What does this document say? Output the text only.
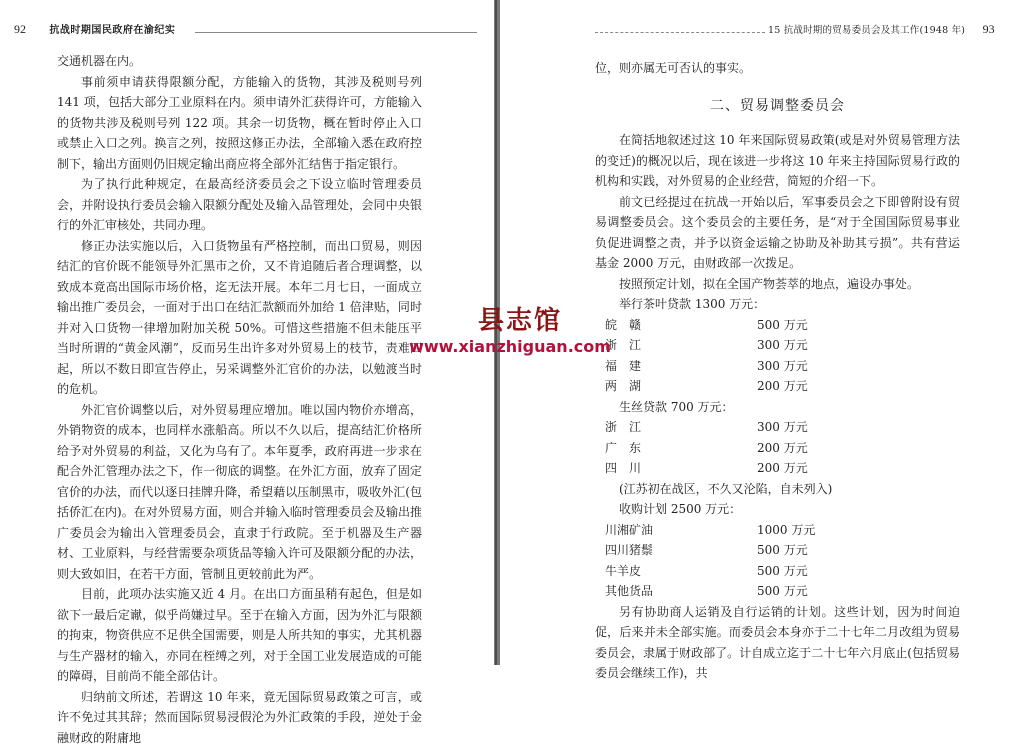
92 抗战时期国民政府在渝纪实

交通机器在内。

事前须申请获得限额分配，方能输入的货物，其涉及税则号列 141 项，包括大部分工业原料在内。须申请外汇获得许可，方能输入的货物共涉及税则号列 122 项。其余一切货物，概在暂时停止入口或禁止入口之列。换言之列，按照这修正办法，全部输入悉在政府控制下，输出方面则仍旧规定输出商应将全部外汇结售于指定银行。

为了执行此种规定，在最高经济委员会之下设立临时管理委员会，并附设执行委员会输入限额分配处及输入品管理处，会同中央银行的外汇审核处，共同办理。

修正办法实施以后，入口货物虽有严格控制，而出口贸易，则因结汇的官价既不能领导外汇黑市之价，又不肯追随后者合理调整，以致成本竟高出国际市场价格，迄无法开展。本年二月七日，一面成立输出推广委员会，一面对于出口在结汇款额而外加给 1 倍津贴，同时并对入口货物一律增加附加关税 50%。可惜这些措施不但未能压平当时所谓的“黄金风潮”，反而另生出许多对外贸易上的枝节，责难四起，所以不数日即宣告停止，另采调整外汇官价的办法，以勉渡当时的危机。

外汇官价调整以后，对外贸易理应增加。唯以国内物价亦增高，外销物资的成本，也同样水涨船高。所以不久以后，提高结汇价格所给予对外贸易的利益，又化为乌有了。本年夏季，政府再进一步求在配合外汇管理办法之下，作一彻底的调整。在外汇方面，放弃了固定官价的办法，而代以逐日挂牌升降，希望藉以压制黑市，吸收外汇(包括侨汇在内)。在对外贸易方面，则合并输入临时管理委员会及输出推广委员会为输出入管理委员会，直隶于行政院。至于机器及生产器材、工业原料，与经营需要杂项货品等输入许可及限额分配的办法，则大致如旧，在若干方面，管制且更较前此为严。

目前，此项办法实施又近 4 月。在出口方面虽稍有起色，但是如欲下一最后定谳，似乎尚嫌过早。至于在输入方面，因为外汇与限额的拘束，物资供应不足供全国需要，则是人所共知的事实，尤其机器与生产器材的输入，亦同在桎缚之列，对于全国工业发展造成的可能的障碍，目前尚不能全部估计。

归纳前文所述，若谓这 10 年来，竟无国际贸易政策之可言，或许不免过其其辞；然而国际贸易浸假沦为外汇政策的手段，逆处于金融财政的附庸地

15 抗战时期的贸易委员会及其工作(1948 年) 93

位，则亦属无可否认的事实。

二、贸易调整委员会

在简括地叙述过这 10 年来国际贸易政策(或是对外贸易管理方法的变迁)的概况以后，现在该进一步将这 10 年来主持国际贸易行政的机构和实践，对外贸易的企业经营，简短的介绍一下。

前文已经提过在抗战一开始以后，军事委员会之下即曾附设有贸易调整委员会。这个委员会的主要任务，是“对于全国国际贸易事业负促进调整之责，并予以资金运输之协助及补助其亏损”。共有营运基金 2000 万元，由财政部一次拨足。

按照预定计划，拟在全国产物荟萃的地点，遍设办事处。

举行茶叶贷款 1300 万元：

皖　赣	500 万元
浙　江	300 万元
福　建	300 万元
两　湖	200 万元

生丝贷款 700 万元：

浙　江	300 万元
广　东	200 万元
四　川	200 万元

(江苏初在战区，不久又沦陷，自未列入)

收购计划 2500 万元：

川湘矿油	1000 万元
四川猪鬃	500 万元
牛羊皮	500 万元
其他货品	500 万元

另有协助商人运销及自行运销的计划。这些计划，因为时间迫促，后来并未全部实施。而委员会本身亦于二十七年二月改组为贸易委员会，隶属于财政部了。计自成立迄于二十七年六月底止(包括贸易委员会继续工作)，共

县志馆
www.xianzhiguan.com
